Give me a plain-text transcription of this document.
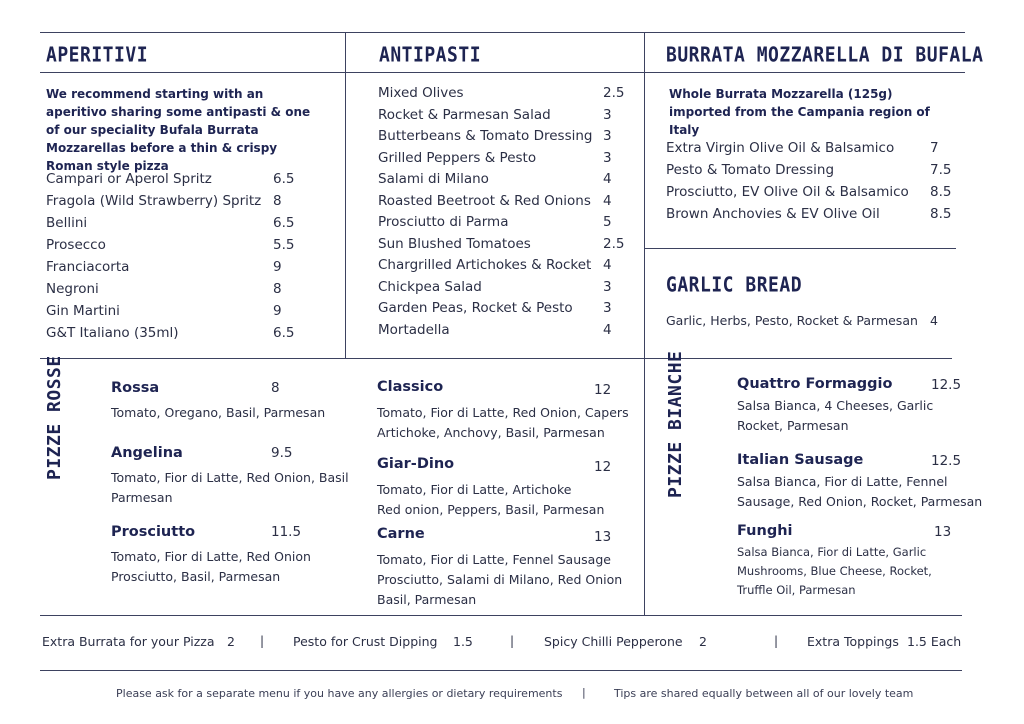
APERITIVI
We recommend starting with an aperitivo sharing some antipasti & one of our speciality Bufala Burrata Mozzarellas before a thin & crispy Roman style pizza
Campari or Aperol Spritz	6.5
Fragola (Wild Strawberry) Spritz 8
Bellini	6.5
Prosecco	5.5
Franciacorta	9
Negroni	8
Gin Martini	9
G&T Italiano (35ml)	6.5
ANTIPASTI
Mixed Olives	2.5
Rocket & Parmesan Salad	3
Butterbeans & Tomato Dressing 3
Grilled Peppers & Pesto	3
Salami di Milano	4
Roasted Beetroot & Red Onions 4
Prosciutto di Parma	5
Sun Blushed Tomatoes	2.5
Chargrilled Artichokes & Rocket 4
Chickpea Salad	3
Garden Peas, Rocket & Pesto 3
Mortadella	4
BURRATA MOZZARELLA DI BUFALA
Whole Burrata Mozzarella (125g) imported from the Campania region of Italy
Extra Virgin Olive Oil & Balsamico	7
Pesto & Tomato Dressing	7.5
Prosciutto, EV Olive Oil & Balsamico 8.5
Brown Anchovies & EV Olive Oil	8.5
GARLIC BREAD
Garlic, Herbs, Pesto, Rocket & Parmesan 4
PIZZE ROSSE	Rossa	8
Tomato, Oregano, Basil, Parmesan
Angelina	9.5
Tomato, Fior di Latte, Red Onion, Basil
Parmesan
Prosciutto	11.5
Tomato, Fior di Latte, Red Onion
Prosciutto, Basil, Parmesan
Classico	12
Tomato, Fior di Latte, Red Onion, Capers
Artichoke, Anchovy, Basil, Parmesan
Giar-Dino	12
Tomato, Fior di Latte, Artichoke
Red onion, Peppers, Basil, Parmesan
Carne	13
Tomato, Fior di Latte, Fennel Sausage
Prosciutto, Salami di Milano, Red Onion
Basil, Parmesan
PIZZE BIANCHE	Quattro Formaggio	12.5
Salsa Bianca, 4 Cheeses, Garlic
Rocket, Parmesan
Italian Sausage	12.5
Salsa Bianca, Fior di Latte, Fennel
Sausage, Red Onion, Rocket, Parmesan
Funghi	13
Salsa Bianca, Fior di Latte, Garlic
Mushrooms, Blue Cheese, Rocket,
Truffle Oil, Parmesan
Extra Burrata for your Pizza 2	Pesto for Crust Dipping 1.5	Spicy Chilli Pepperone 2	Extra Toppings 1.5 Each
|	|	|
Please ask for a separate menu if you have any allergies or dietary requirements |	Tips are shared equally between all of our lovely team
